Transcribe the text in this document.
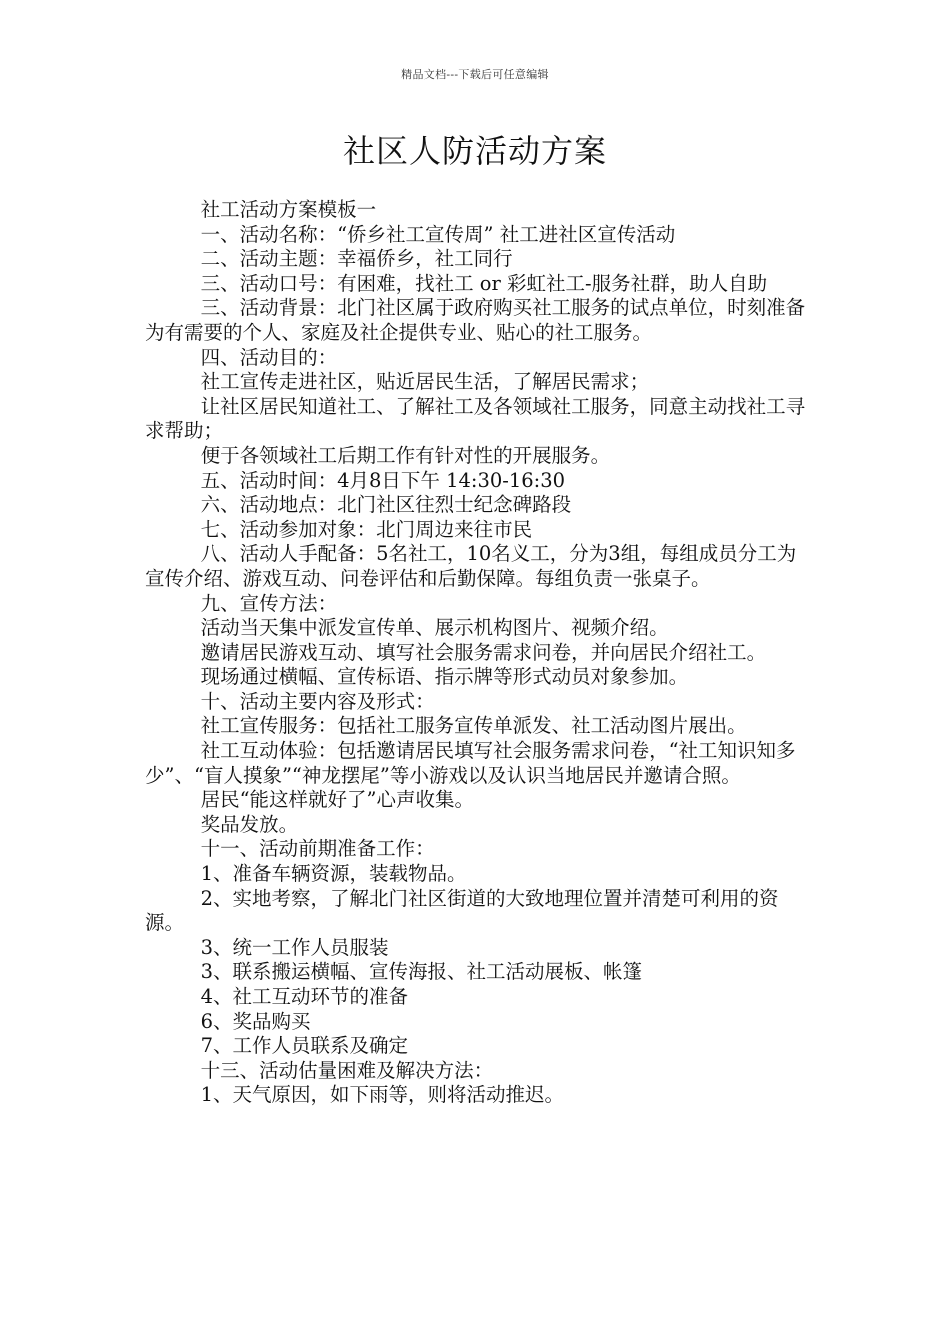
精品文档---下载后可任意编辑
社区人防活动方案

社工活动方案模板一

一、活动名称：“侨乡社工宣传周” 社工进社区宣传活动

二、活动主题：幸福侨乡，社工同行

三、活动口号：有困难，找社工 or 彩虹社工-服务社群，助人自助

三、活动背景：北门社区属于政府购买社工服务的试点单位，时刻准备为有需要的个人、家庭及社企提供专业、贴心的社工服务。

四、活动目的：

社工宣传走进社区，贴近居民生活，了解居民需求；

让社区居民知道社工、了解社工及各领域社工服务，同意主动找社工寻求帮助；

便于各领域社工后期工作有针对性的开展服务。

五、活动时间：4月8日下午 14:30-16:30

六、活动地点：北门社区往烈士纪念碑路段

七、活动参加对象：北门周边来往市民

八、活动人手配备：5名社工，10名义工，分为3组，每组成员分工为宣传介绍、游戏互动、问卷评估和后勤保障。每组负责一张桌子。

九、宣传方法：

活动当天集中派发宣传单、展示机构图片、视频介绍。

邀请居民游戏互动、填写社会服务需求问卷，并向居民介绍社工。

现场通过横幅、宣传标语、指示牌等形式动员对象参加。

十、活动主要内容及形式：

社工宣传服务：包括社工服务宣传单派发、社工活动图片展出。

社工互动体验：包括邀请居民填写社会服务需求问卷，“社工知识知多少”、“盲人摸象”“神龙摆尾”等小游戏以及认识当地居民并邀请合照。

居民“能这样就好了”心声收集。

奖品发放。

十一、活动前期准备工作：

1、准备车辆资源，装载物品。

2、实地考察，了解北门社区街道的大致地理位置并清楚可利用的资源。

3、统一工作人员服装

3、联系搬运横幅、宣传海报、社工活动展板、帐篷

4、社工互动环节的准备

6、奖品购买

7、工作人员联系及确定

十三、活动估量困难及解决方法：

1、天气原因，如下雨等，则将活动推迟。
